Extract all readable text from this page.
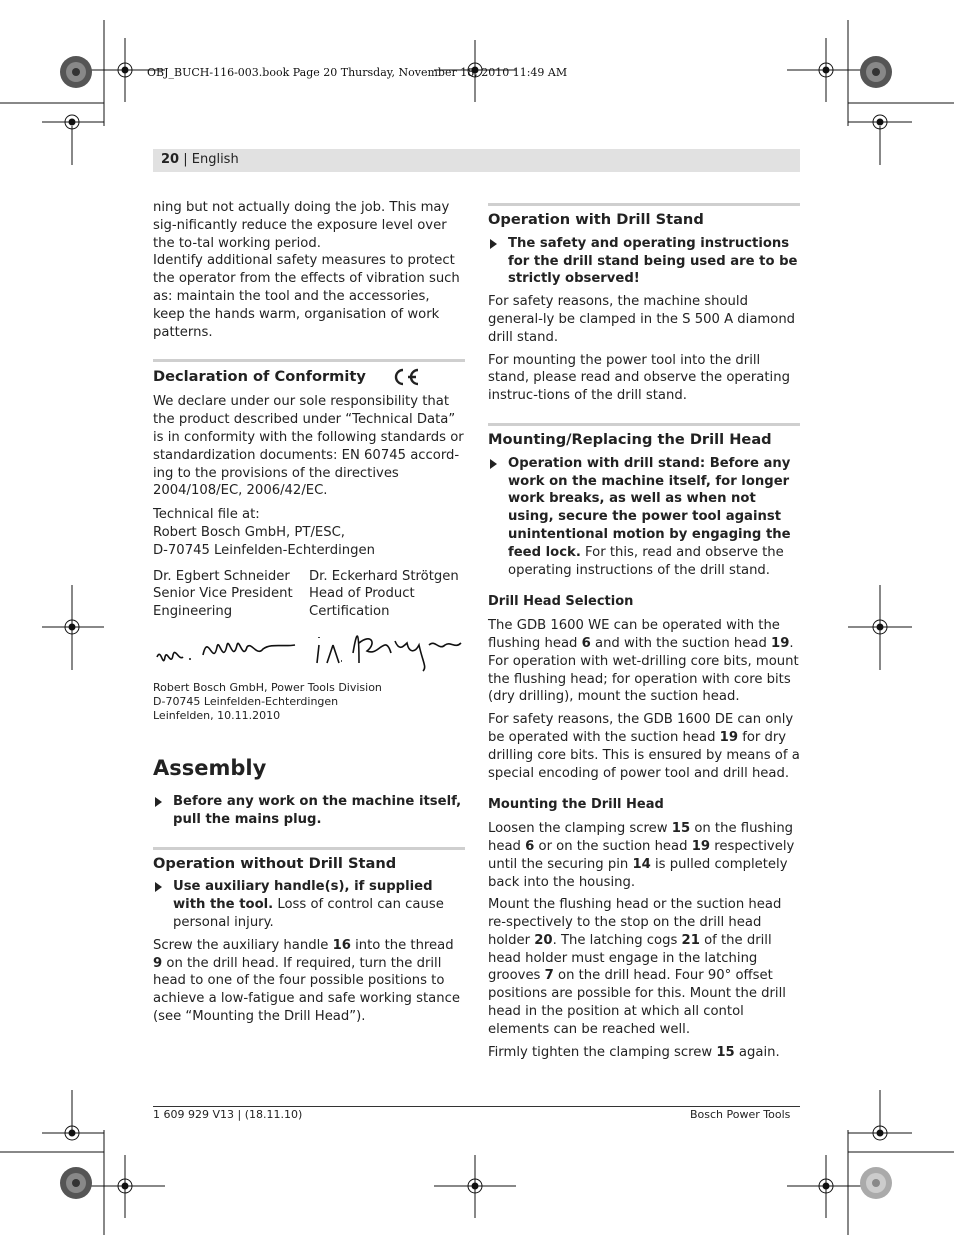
OBJ_BUCH-116-003.book Page 20 Thursday, November 18, 2010 11:49 AM
20 | English

ning but not actually doing the job. This may sig-nificantly reduce the exposure level over the to-tal working period.

Identify additional safety measures to protect the operator from the effects of vibration such as: maintain the tool and the accessories, keep the hands warm, organisation of work patterns.

Declaration of Conformity

We declare under our sole responsibility that the product described under “Technical Data” is in conformity with the following standards or standardization documents: EN 60745 accord-ing to the provisions of the directives 2004/108/EC, 2006/42/EC.

Technical file at:
Robert Bosch GmbH, PT/ESC,
D-70745 Leinfelden-Echterdingen

Dr. Egbert Schneider
Senior Vice President
Engineering
Dr. Eckerhard Strötgen
Head of Product
Certification
Robert Bosch GmbH, Power Tools Division
D-70745 Leinfelden-Echterdingen
Leinfelden, 10.11.2010
Assembly
Before any work on the machine itself, pull the mains plug.
Operation without Drill Stand
Use auxiliary handle(s), if supplied with the tool. Loss of control can cause personal injury.

Screw the auxiliary handle 16 into the thread 9 on the drill head. If required, turn the drill head to one of the four possible positions to achieve a low-fatigue and safe working stance (see “Mounting the Drill Head”).

Operation with Drill Stand
The safety and operating instructions for the drill stand being used are to be strictly observed!

For safety reasons, the machine should general-ly be clamped in the S 500 A diamond drill stand.

For mounting the power tool into the drill stand, please read and observe the operating instruc-tions of the drill stand.

Mounting/Replacing the Drill Head
Operation with drill stand: Before any work on the machine itself, for longer work breaks, as well as when not using, secure the power tool against unintentional motion by engaging the feed lock. For this, read and observe the operating instructions of the drill stand.
Drill Head Selection

The GDB 1600 WE can be operated with the flushing head 6 and with the suction head 19. For operation with wet-drilling core bits, mount the flushing head; for operation with core bits (dry drilling), mount the suction head.

For safety reasons, the GDB 1600 DE can only be operated with the suction head 19 for dry drilling core bits. This is ensured by means of a special encoding of power tool and drill head.

Mounting the Drill Head

Loosen the clamping screw 15 on the flushing head 6 or on the suction head 19 respectively until the securing pin 14 is pulled completely back into the housing.

Mount the flushing head or the suction head re-spectively to the stop on the drill head holder 20. The latching cogs 21 of the drill head holder must engage in the latching grooves 7 on the drill head. Four 90° offset positions are possible for this. Mount the drill head in the position at which all contol elements can be reached well.

Firmly tighten the clamping screw 15 again.

1 609 929 V13 | (18.11.10)	Bosch Power Tools
